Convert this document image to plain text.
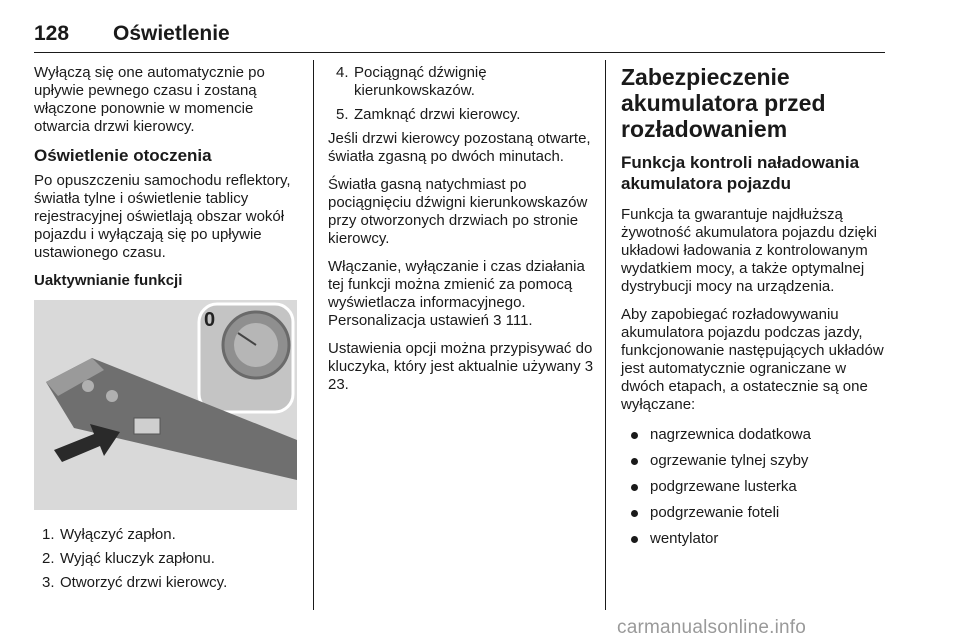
128 Oświetlenie

Wyłączą się one automatycznie po upływie pewnego czasu i zostaną włączone ponownie w momencie otwarcia drzwi kierowcy.

Oświetlenie otoczenia

Po opuszczeniu samochodu reflektory, światła tylne i oświetlenie tablicy rejestracyjnej oświetlają obszar wokół pojazdu i wyłączają się po upływie ustawionego czasu.

Uaktywnianie funkcji
0
1. Wyłączyć zapłon.
2. Wyjąć kluczyk zapłonu.
3. Otworzyć drzwi kierowcy.
4. Pociągnąć dźwignię kierunkowskazów.
5. Zamknąć drzwi kierowcy.

Jeśli drzwi kierowcy pozostaną otwarte, światła zgasną po dwóch minutach.

Światła gasną natychmiast po pociągnięciu dźwigni kierunkowskazów przy otworzonych drzwiach po stronie kierowcy.

Włączanie, wyłączanie i czas działania tej funkcji można zmienić za pomocą wyświetlacza informacyjnego. Personalizacja ustawień 3 111.

Ustawienia opcji można przypisywać do kluczyka, który jest aktualnie używany 3 23.

Zabezpieczenie akumulatora przed rozładowaniem
Funkcja kontroli naładowania akumulatora pojazdu

Funkcja ta gwarantuje najdłuższą żywotność akumulatora pojazdu dzięki układowi ładowania z kontrolowanym wydatkiem mocy, a także optymalnej dystrybucji mocy na urządzenia.

Aby zapobiegać rozładowywaniu akumulatora pojazdu podczas jazdy, funkcjonowanie następujących układów jest automatycznie ograniczane w dwóch etapach, a ostatecznie są one wyłączane:

nagrzewnica dodatkowa
ogrzewanie tylnej szyby
podgrzewane lusterka
podgrzewanie foteli
wentylator
carmanualsonline.info
